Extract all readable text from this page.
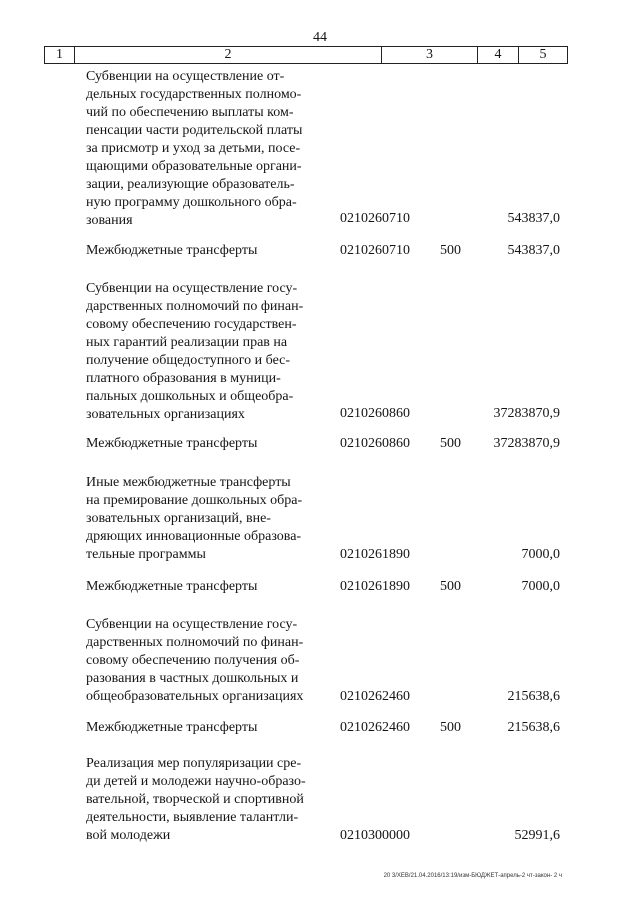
44
1	2	3	4	5
Субвенции на осуществление от-
дельных государственных полномо-
чий по обеспечению выплаты ком-
пенсации части родительской платы
за присмотр и уход за детьми, посе-
щающими образовательные органи-
зации, реализующие образователь-
ную программу дошкольного обра-
зования	0210260710	543837,0
Межбюджетные трансферты	0210260710 500	543837,0
Субвенции на осуществление госу-
дарственных полномочий по финан-
совому обеспечению государствен-
ных гарантий реализации прав на
получение общедоступного и бес-
платного образования в муници-
пальных дошкольных и общеобра-
зовательных организациях	0210260860	37283870,9
Межбюджетные трансферты	0210260860 500 37283870,9
Иные межбюджетные трансферты
на премирование дошкольных обра-
зовательных организаций, вне-
дряющих инновационные образова-
тельные программы	0210261890	7000,0
Межбюджетные трансферты	0210261890 500	7000,0
Субвенции на осуществление госу-
дарственных полномочий по финан-
совому обеспечению получения об-
разования в частных дошкольных и
общеобразовательных организациях	0210262460	215638,6
Межбюджетные трансферты	0210262460 500	215638,6
Реализация мер популяризации сре-
ди детей и молодежи научно-образо-
вательной, творческой и спортивной
деятельности, выявление талантли-
вой молодежи	0210300000	52991,6
20 3/ХЕВ/21.04.2016/13:19/изм-БЮДЖЕТ-апрель-2 чт-закон- 2 ч
